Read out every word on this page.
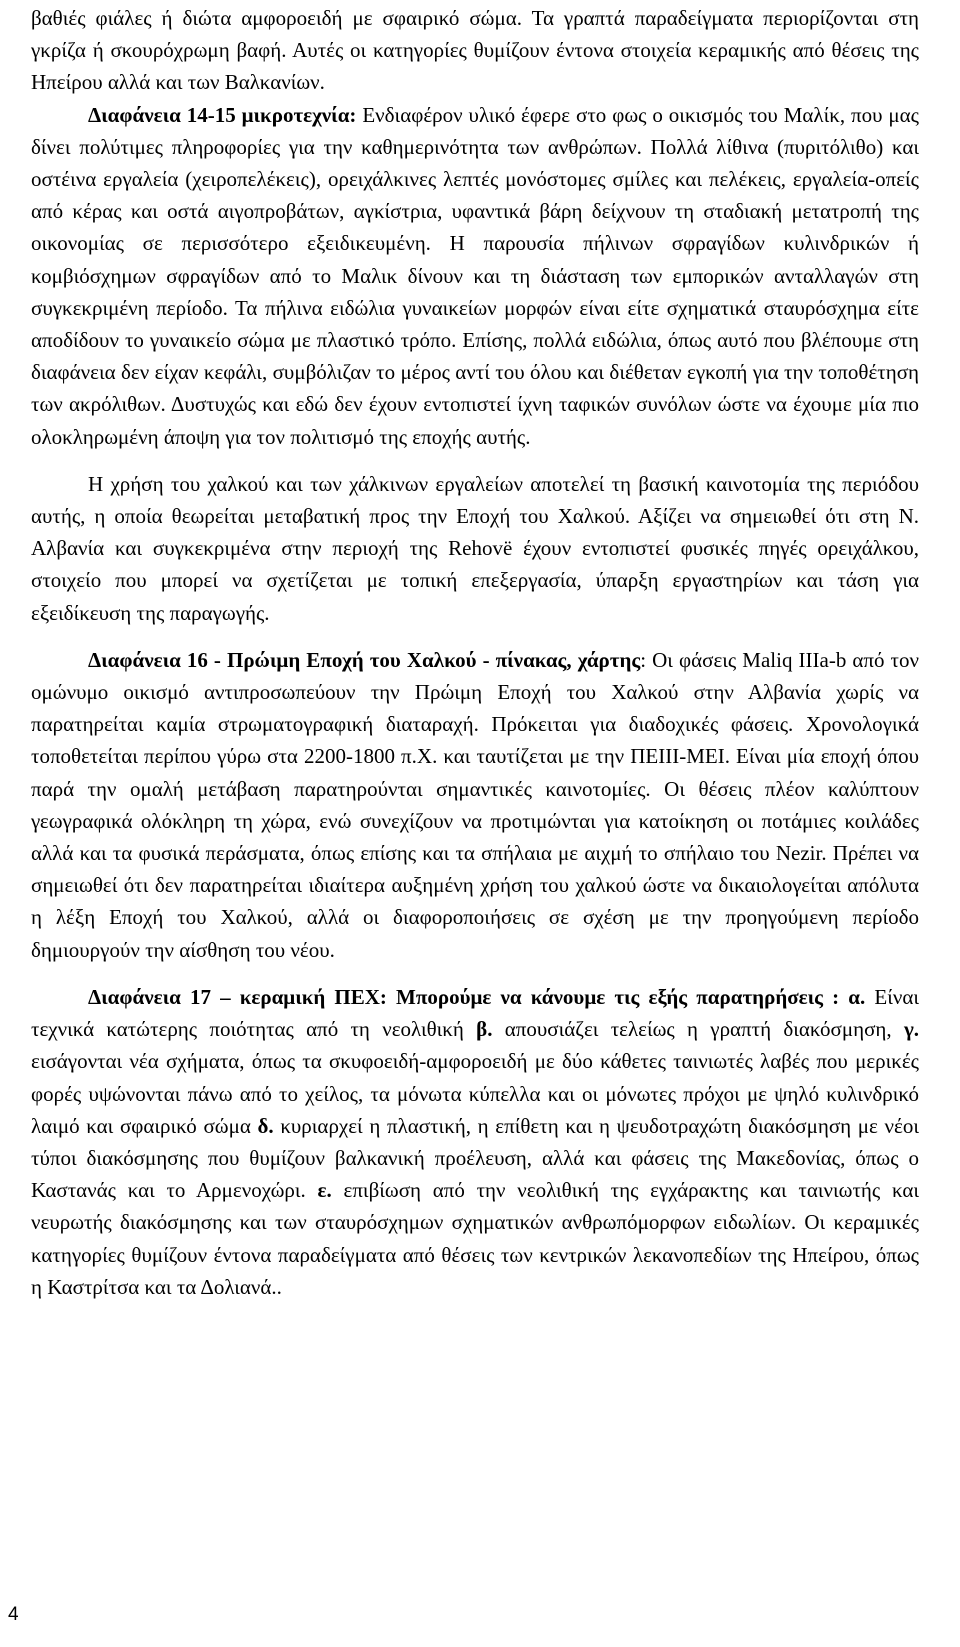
βαθιές φιάλες ή διώτα αμφοροειδή με σφαιρικό σώμα. Τα γραπτά παραδείγματα περιορίζονται στη γκρίζα ή σκουρόχρωμη βαφή. Αυτές οι κατηγορίες θυμίζουν έντονα στοιχεία κεραμικής από θέσεις της Ηπείρου αλλά και των Βαλκανίων.

Διαφάνεια 14-15 μικροτεχνία: Ενδιαφέρον υλικό έφερε στο φως ο οικισμός του Μαλίκ, που μας δίνει πολύτιμες πληροφορίες για την καθημερινότητα των ανθρώπων. Πολλά λίθινα (πυριτόλιθο) και οστέινα εργαλεία (χειροπελέκεις), ορειχάλκινες λεπτές μονόστομες σμίλες και πελέκεις, εργαλεία-οπείς από κέρας και οστά αιγοπροβάτων, αγκίστρια, υφαντικά βάρη δείχνουν τη σταδιακή μετατροπή της οικονομίας σε περισσότερο εξειδικευμένη. Η παρουσία πήλινων σφραγίδων κυλινδρικών ή κομβιόσχημων σφραγίδων από το Μαλικ δίνουν και τη διάσταση των εμπορικών ανταλλαγών στη συγκεκριμένη περίοδο. Τα πήλινα ειδώλια γυναικείων μορφών είναι είτε σχηματικά σταυρόσχημα είτε αποδίδουν το γυναικείο σώμα με πλαστικό τρόπο. Επίσης, πολλά ειδώλια, όπως αυτό που βλέπουμε στη διαφάνεια δεν είχαν κεφάλι, συμβόλιζαν το μέρος αντί του όλου και διέθεταν εγκοπή για την τοποθέτηση των ακρόλιθων. Δυστυχώς και εδώ δεν έχουν εντοπιστεί ίχνη ταφικών συνόλων ώστε να έχουμε μία πιο ολοκληρωμένη άποψη για τον πολιτισμό της εποχής αυτής.

Η χρήση του χαλκού και των χάλκινων εργαλείων αποτελεί τη βασική καινοτομία της περιόδου αυτής, η οποία θεωρείται μεταβατική προς την Εποχή του Χαλκού. Αξίζει να σημειωθεί ότι στη Ν. Αλβανία και συγκεκριμένα στην περιοχή της Rehovë έχουν εντοπιστεί φυσικές πηγές ορειχάλκου, στοιχείο που μπορεί να σχετίζεται με τοπική επεξεργασία, ύπαρξη εργαστηρίων και τάση για εξειδίκευση της παραγωγής.

Διαφάνεια 16 - Πρώιμη Εποχή του Χαλκού - πίνακας, χάρτης: Οι φάσεις Maliq IIIa-b από τον ομώνυμο οικισμό αντιπροσωπεύουν την Πρώιμη Εποχή του Χαλκού στην Αλβανία χωρίς να παρατηρείται καμία στρωματογραφική διαταραχή. Πρόκειται για διαδοχικές φάσεις. Χρονολογικά τοποθετείται περίπου γύρω στα 2200-1800 π.Χ. και ταυτίζεται με την ΠΕΙΙΙ-ΜΕΙ. Είναι μία εποχή όπου παρά την ομαλή μετάβαση παρατηρούνται σημαντικές καινοτομίες. Οι θέσεις πλέον καλύπτουν γεωγραφικά ολόκληρη τη χώρα, ενώ συνεχίζουν να προτιμώνται για κατοίκηση οι ποτάμιες κοιλάδες αλλά και τα φυσικά περάσματα, όπως επίσης και τα σπήλαια με αιχμή το σπήλαιο του Nezir. Πρέπει να σημειωθεί ότι δεν παρατηρείται ιδιαίτερα αυξημένη χρήση του χαλκού ώστε να δικαιολογείται απόλυτα η λέξη Εποχή του Χαλκού, αλλά οι διαφοροποιήσεις σε σχέση με την προηγούμενη περίοδο δημιουργούν την αίσθηση του νέου.

Διαφάνεια 17 – κεραμική ΠΕΧ: Μπορούμε να κάνουμε τις εξής παρατηρήσεις : α. Είναι τεχνικά κατώτερης ποιότητας από τη νεολιθική β. απουσιάζει τελείως η γραπτή διακόσμηση, γ. εισάγονται νέα σχήματα, όπως τα σκυφοειδή-αμφοροειδή με δύο κάθετες ταινιωτές λαβές που μερικές φορές υψώνονται πάνω από το χείλος, τα μόνωτα κύπελλα και οι μόνωτες πρόχοι με ψηλό κυλινδρικό λαιμό και σφαιρικό σώμα δ. κυριαρχεί η πλαστική, η επίθετη και η ψευδοτραχώτη διακόσμηση με νέοι τύποι διακόσμησης που θυμίζουν βαλκανική προέλευση, αλλά και φάσεις της Μακεδονίας, όπως ο Καστανάς και το Αρμενοχώρι. ε. επιβίωση από την νεολιθική της εγχάρακτης και ταινιωτής και νευρωτής διακόσμησης και των σταυρόσχημων σχηματικών ανθρωπόμορφων ειδωλίων. Οι κεραμικές κατηγορίες θυμίζουν έντονα παραδείγματα από θέσεις των κεντρικών λεκανοπεδίων της Ηπείρου, όπως η Καστρίτσα και τα Δολιανά..

4
